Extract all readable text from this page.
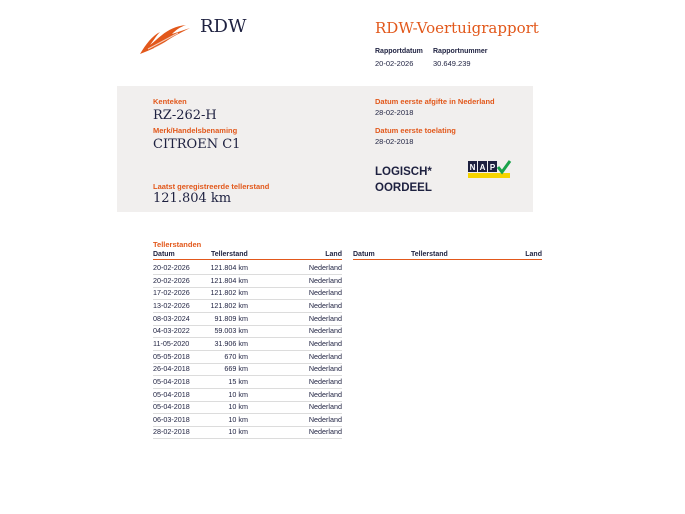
RDW	RDW-Voertuigrapport
Rapportdatum
20-02-2026
Rapportnummer
30.649.239
Kenteken
RZ-262-H
Merk/Handelsbenaming
CITROEN C1
Laatst geregistreerde tellerstand
121.804 km
Datum eerste afgifte in Nederland
28-02-2018
Datum eerste toelating
28-02-2018
LOGISCH*
OORDEEL
N A P
Tellerstanden
Datum	Tellerstand	Land Datum	Tellerstand	Land
20-02-2026	121.804 km	Nederland
20-02-2026	121.804 km	Nederland
17-02-2026	121.802 km	Nederland
13-02-2026	121.802 km	Nederland
08-03-2024	91.809 km	Nederland
04-03-2022	59.003 km	Nederland
11-05-2020	31.906 km	Nederland
05-05-2018	670 km	Nederland
26-04-2018	669 km	Nederland
05-04-2018	15 km	Nederland
05-04-2018	10 km	Nederland
05-04-2018	10 km	Nederland
06-03-2018	10 km	Nederland
28-02-2018	10 km	Nederland
